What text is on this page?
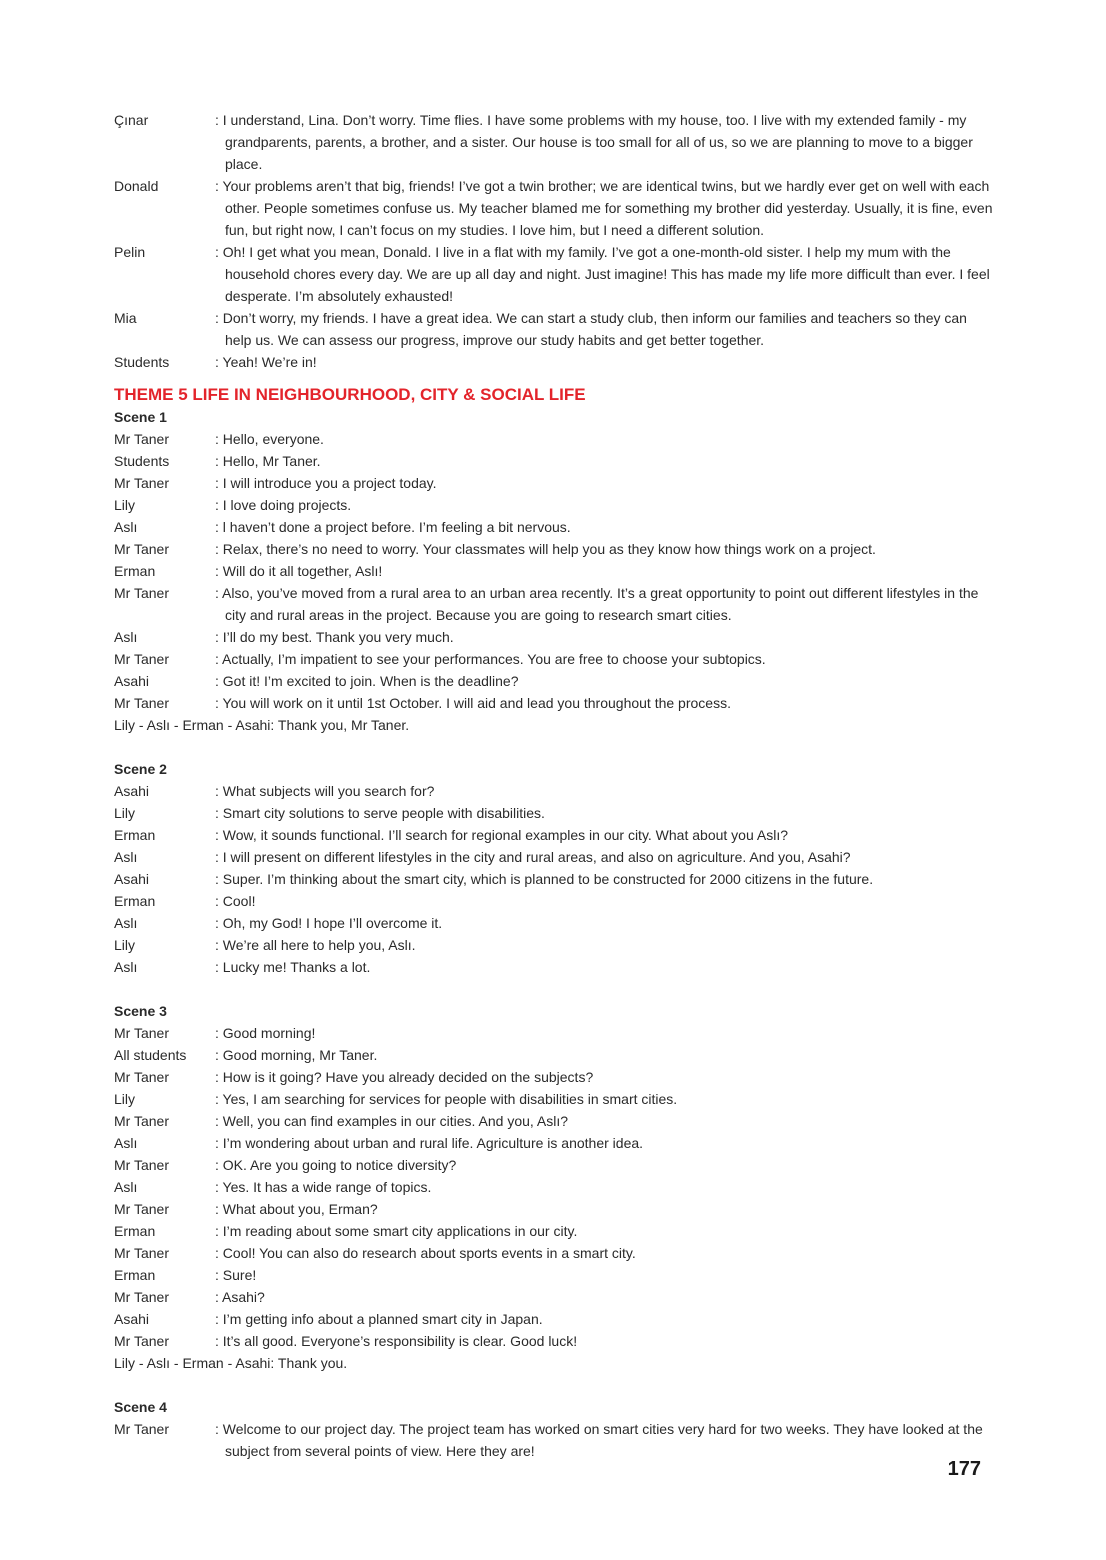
Çınar	: I understand, Lina. Don’t worry. Time flies. I have some problems with my house, too. I live with my extended family - my grandparents, parents, a brother, and a sister. Our house is too small for all of us, so we are planning to move to a bigger place.
Donald	: Your problems aren’t that big, friends! I’ve got a twin brother; we are identical twins, but we hardly ever get on well with each other. People sometimes confuse us. My teacher blamed me for something my brother did yesterday. Usually, it is fine, even fun, but right now, I can’t focus on my studies. I love him, but I need a different solution.
Pelin	: Oh! I get what you mean, Donald. I live in a flat with my family. I’ve got a one-month-old sister. I help my mum with the household chores every day. We are up all day and night. Just imagine! This has made my life more difficult than ever. I feel desperate. I’m absolutely exhausted!
Mia	: Don’t worry, my friends. I have a great idea. We can start a study club, then inform our families and teachers so they can help us. We can assess our progress, improve our study habits and get better together.
Students	: Yeah! We’re in!
THEME 5 LIFE IN NEIGHBOURHOOD, CITY & SOCIAL LIFE
Scene 1
Mr Taner	: Hello, everyone.
Students	: Hello, Mr Taner.
Mr Taner	: I will introduce you a project today.
Lily	: I love doing projects.
Aslı	: l haven’t done a project before. I’m feeling a bit nervous.
Mr Taner	: Relax, there’s no need to worry. Your classmates will help you as they know how things work on a project.
Erman	: Will do it all together, Aslı!
Mr Taner	: Also, you’ve moved from a rural area to an urban area recently. It’s a great opportunity to point out different lifestyles in the city and rural areas in the project. Because you are going to research smart cities.
Aslı	: I’ll do my best. Thank you very much.
Mr Taner	: Actually, I’m impatient to see your performances. You are free to choose your subtopics.
Asahi	: Got it! I’m excited to join. When is the deadline?
Mr Taner	: You will work on it until 1st October. I will aid and lead you throughout the process.
Lily - Aslı - Erman - Asahi: Thank you, Mr Taner.
Scene 2
Asahi	: What subjects will you search for?
Lily	: Smart city solutions to serve people with disabilities.
Erman	: Wow, it sounds functional. I’ll search for regional examples in our city. What about you Aslı?
Aslı	: I will present on different lifestyles in the city and rural areas, and also on agriculture. And you, Asahi?
Asahi	: Super. I’m thinking about the smart city, which is planned to be constructed for 2000 citizens in the future.
Erman	: Cool!
Aslı	: Oh, my God! I hope I’ll overcome it.
Lily	: We’re all here to help you, Aslı.
Aslı	: Lucky me! Thanks a lot.
Scene 3
Mr Taner	: Good morning!
All students	: Good morning, Mr Taner.
Mr Taner	: How is it going? Have you already decided on the subjects?
Lily	: Yes, I am searching for services for people with disabilities in smart cities.
Mr Taner	: Well, you can find examples in our cities. And you, Aslı?
Aslı	: I’m wondering about urban and rural life. Agriculture is another idea.
Mr Taner	: OK. Are you going to notice diversity?
Aslı	: Yes. It has a wide range of topics.
Mr Taner	: What about you, Erman?
Erman	: I’m reading about some smart city applications in our city.
Mr Taner	: Cool! You can also do research about sports events in a smart city.
Erman	: Sure!
Mr Taner	: Asahi?
Asahi	: I’m getting info about a planned smart city in Japan.
Mr Taner	: It’s all good. Everyone’s responsibility is clear. Good luck!
Lily - Aslı - Erman - Asahi: Thank you.
Scene 4
Mr Taner	: Welcome to our project day. The project team has worked on smart cities very hard for two weeks. They have looked at the subject from several points of view. Here they are!
177
